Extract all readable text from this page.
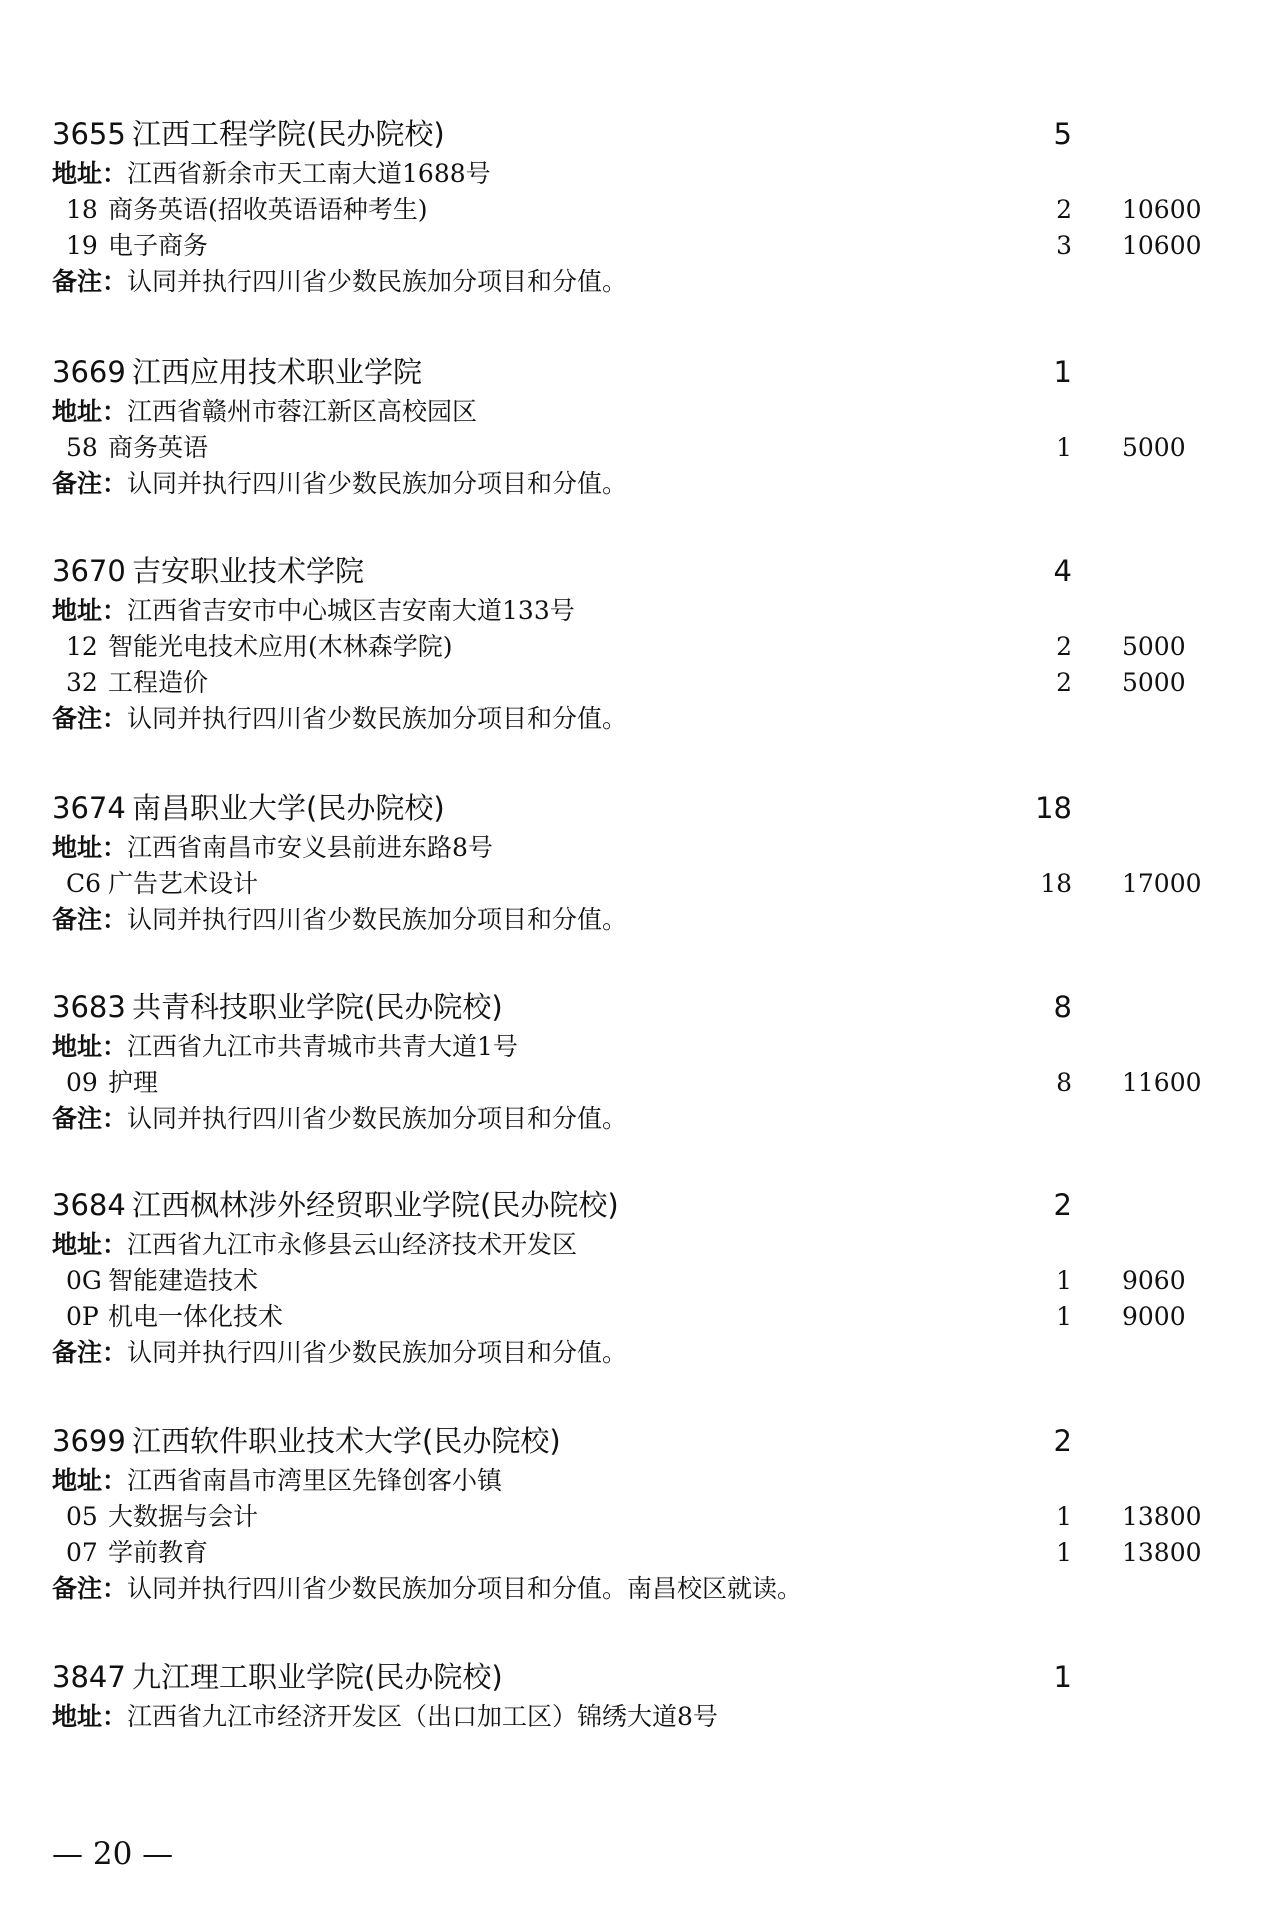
3655 江西工程学院(民办院校)	5
地址：江西省新余市天工南大道1688号
18 商务英语(招收英语语种考生)	2 10600
19 电子商务	3 10600
备注：认同并执行四川省少数民族加分项目和分值。
3669 江西应用技术职业学院	1
地址：江西省赣州市蓉江新区高校园区
58 商务英语	1 5000
备注：认同并执行四川省少数民族加分项目和分值。
3670 吉安职业技术学院	4
地址：江西省吉安市中心城区吉安南大道133号
12 智能光电技术应用(木林森学院)	2 5000
32 工程造价	2 5000
备注：认同并执行四川省少数民族加分项目和分值。
3674 南昌职业大学(民办院校)	18
地址：江西省南昌市安义县前进东路8号
C6 广告艺术设计	18 17000
备注：认同并执行四川省少数民族加分项目和分值。
3683 共青科技职业学院(民办院校)	8
地址：江西省九江市共青城市共青大道1号
09 护理	8 11600
备注：认同并执行四川省少数民族加分项目和分值。
3684 江西枫林涉外经贸职业学院(民办院校)	2
地址：江西省九江市永修县云山经济技术开发区
0G 智能建造技术	1 9060
0P 机电一体化技术	1 9000
备注：认同并执行四川省少数民族加分项目和分值。
3699 江西软件职业技术大学(民办院校)	2
地址：江西省南昌市湾里区先锋创客小镇
05 大数据与会计	1 13800
07 学前教育	1 13800
备注：认同并执行四川省少数民族加分项目和分值。南昌校区就读。
3847 九江理工职业学院(民办院校)	1
地址：江西省九江市经济开发区（出口加工区）锦绣大道8号
— 20 —
